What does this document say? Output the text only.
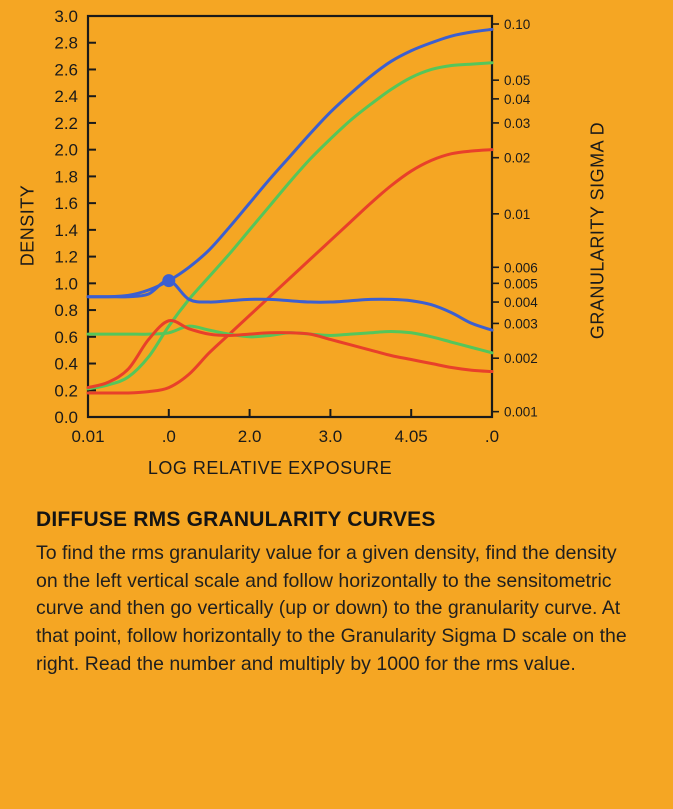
0.0
0.2
0.4
0.6
0.8
1.0
1.2
1.4
1.6
1.8
2.0
2.2
2.4
2.6
2.8
3.0
0.01	.0	2.0	3.0	4.05	.0
0.001
0.002
0.003
0.004
0.005
0.006
0.01
0.02
0.03
0.04
0.05
0.10
DENSITY	GRANULARITY SIGMA D
LOG RELATIVE EXPOSURE
DIFFUSE RMS GRANULARITY CURVES

To find the rms granularity value for a given density, find the density on the left vertical scale and follow horizontally to the sensitometric curve and then go vertically (up or down) to the granularity curve. At that point, follow horizontally to the Granularity Sigma D scale on the right. Read the number and multiply by 1000 for the rms value.
